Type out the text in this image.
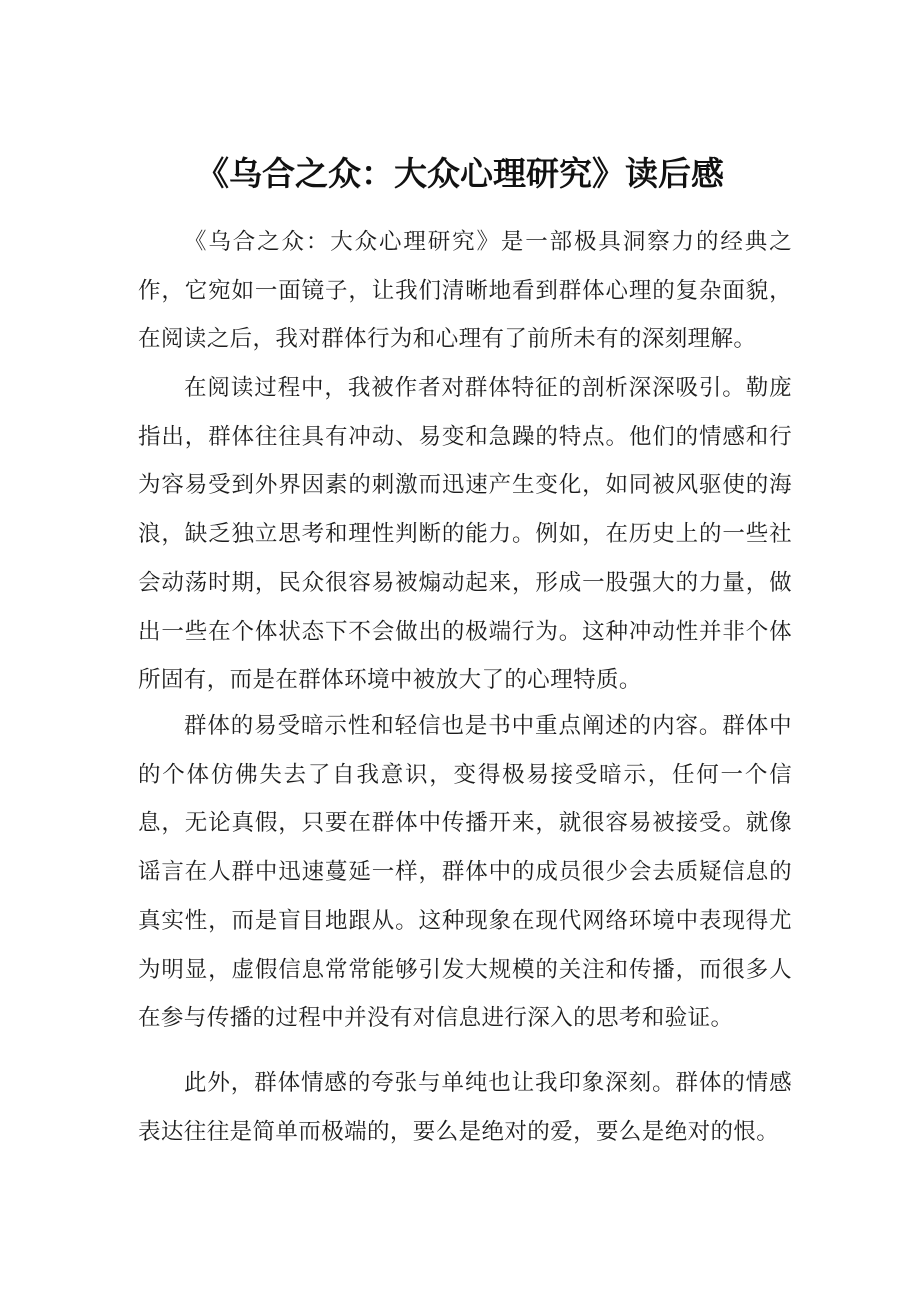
《乌合之众：大众心理研究》读后感

《乌合之众：大众心理研究》是一部极具洞察力的经典之作，它宛如一面镜子，让我们清晰地看到群体心理的复杂面貌，在阅读之后，我对群体行为和心理有了前所未有的深刻理解。

在阅读过程中，我被作者对群体特征的剖析深深吸引。勒庞指出，群体往往具有冲动、易变和急躁的特点。他们的情感和行为容易受到外界因素的刺激而迅速产生变化，如同被风驱使的海浪，缺乏独立思考和理性判断的能力。例如，在历史上的一些社会动荡时期，民众很容易被煽动起来，形成一股强大的力量，做出一些在个体状态下不会做出的极端行为。这种冲动性并非个体所固有，而是在群体环境中被放大了的心理特质。

群体的易受暗示性和轻信也是书中重点阐述的内容。群体中的个体仿佛失去了自我意识，变得极易接受暗示，任何一个信息，无论真假，只要在群体中传播开来，就很容易被接受。就像谣言在人群中迅速蔓延一样，群体中的成员很少会去质疑信息的真实性，而是盲目地跟从。这种现象在现代网络环境中表现得尤为明显，虚假信息常常能够引发大规模的关注和传播，而很多人在参与传播的过程中并没有对信息进行深入的思考和验证。

此外，群体情感的夸张与单纯也让我印象深刻。群体的情感表达往往是简单而极端的，要么是绝对的爱，要么是绝对的恨。
